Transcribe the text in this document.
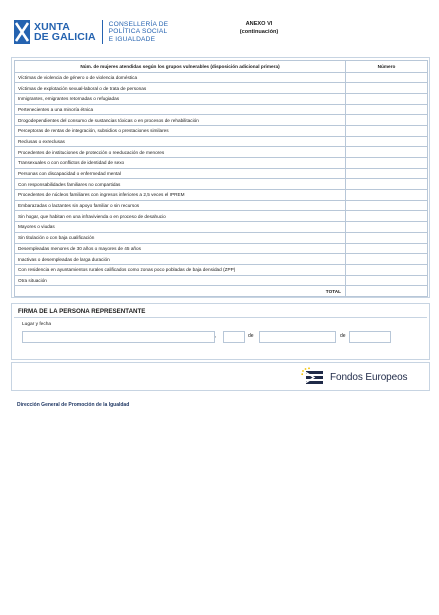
XUNTA
DE GALICIA
CONSELLERÍA DE
POLÍTICA SOCIAL
E IGUALDADE
ANEXO VI
(continuación)
Núm. de mujeres atendidas según los grupos vulnerables (disposición adicional primera)	Número
Víctimas de violencia de género o de violencia doméstica	
Víctimas de explotación sexual-laboral o de trata de personas	
Inmigrantes, emigrantes retornadas o refugiadas	
Pertenecientes a una minoría étnica	
Drogodependientes del consumo de sustancias tóxicas o en procesos de rehabilitación	
Perceptoras de rentas de integración, subsidios o prestaciones similares	
Reclusas o exreclusas	
Procedentes de instituciones de protección o reeducación de menores	
Transexuales o con conflictos de identidad de sexo	
Personas con discapacidad o enfermedad mental	
Con responsabilidades familiares no compartidas	
Procedentes de núcleos familiares con ingresos inferiores a 2,5 veces el IPREM	
Embarazadas o lactantes sin apoyo familiar o sin recursos	
Sin hogar, que habitan en una infravivienda o en proceso de desahucio	
Mayores o viudas	
Sin titulación o con baja cualificación	
Desempleadas menores de 30 años o mayores de 45 años	
Inactivas o desempleadas de larga duración	
Con residencia en ayuntamientos rurales calificados como zonas poco pobladas de baja densidad (ZPP)	
Otra situación	
TOTAL	
FIRMA DE LA PERSONA REPRESENTANTE
Lugar y fecha
,	de	de
Fondos Europeos
Dirección General de Promoción de la Igualdad
